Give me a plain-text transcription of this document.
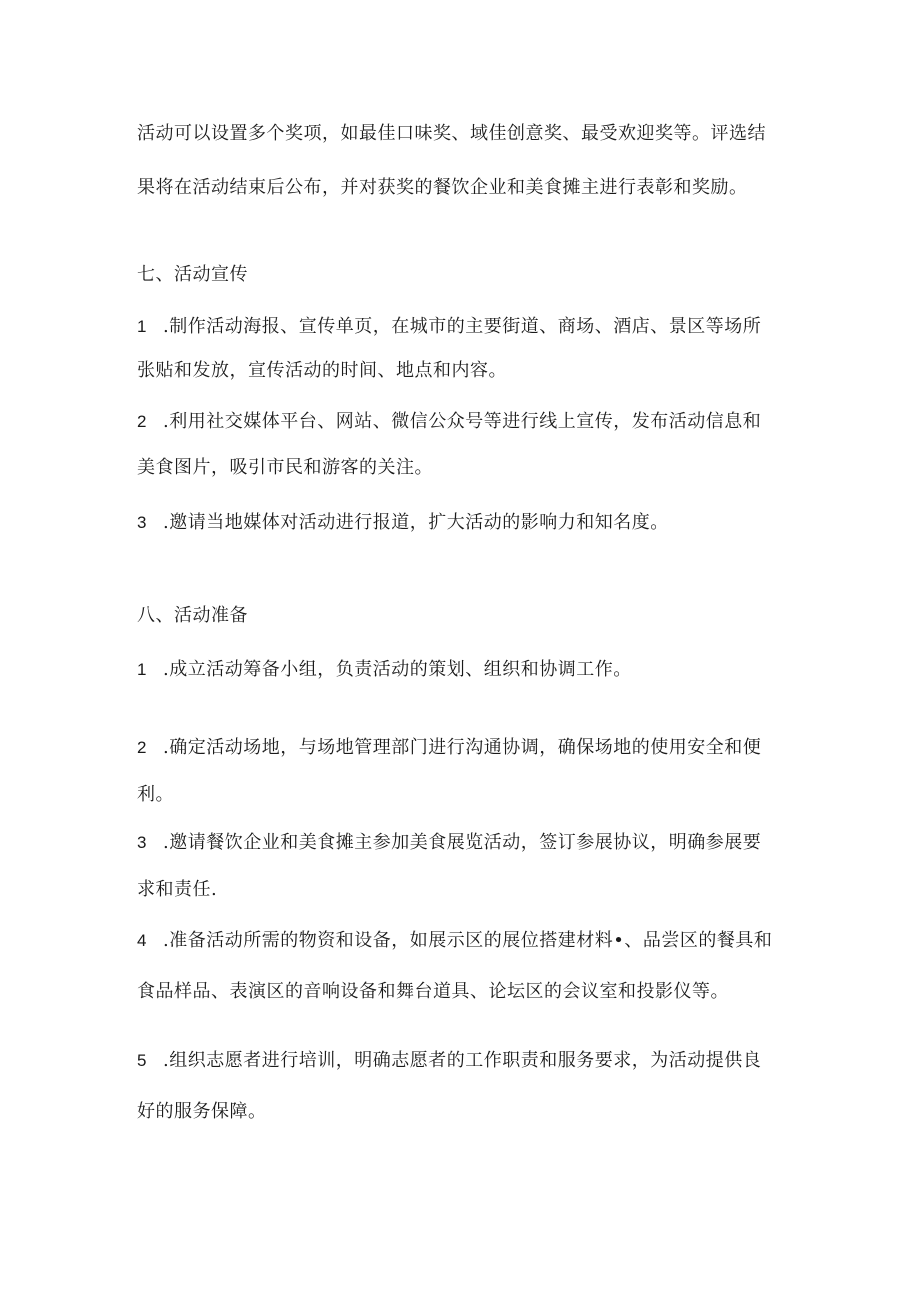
活动可以设置多个奖项，如最佳口味奖、域佳创意奖、最受欢迎奖等。评选结
果将在活动结束后公布，并对获奖的餐饮企业和美食摊主进行表彰和奖励。
七、活动宣传
1 .制作活动海报、宣传单页，在城市的主要街道、商场、酒店、景区等场所
张贴和发放，宣传活动的时间、地点和内容。
2 .利用社交媒体平台、网站、微信公众号等进行线上宣传，发布活动信息和
美食图片，吸引市民和游客的关注。
3 .邀请当地媒体对活动进行报道，扩大活动的影响力和知名度。
八、活动准备
1 .成立活动筹备小组，负责活动的策划、组织和协调工作。
2 .确定活动场地，与场地管理部门进行沟通协调，确保场地的使用安全和便
利。
3 .邀请餐饮企业和美食摊主参加美食展览活动，签订参展协议，明确参展要
求和责任.
4 .准备活动所需的物资和设备，如展示区的展位搭建材料•、品尝区的餐具和
食品样品、表演区的音响设备和舞台道具、论坛区的会议室和投影仪等。
5 .组织志愿者进行培训，明确志愿者的工作职责和服务要求，为活动提供良
好的服务保障。
